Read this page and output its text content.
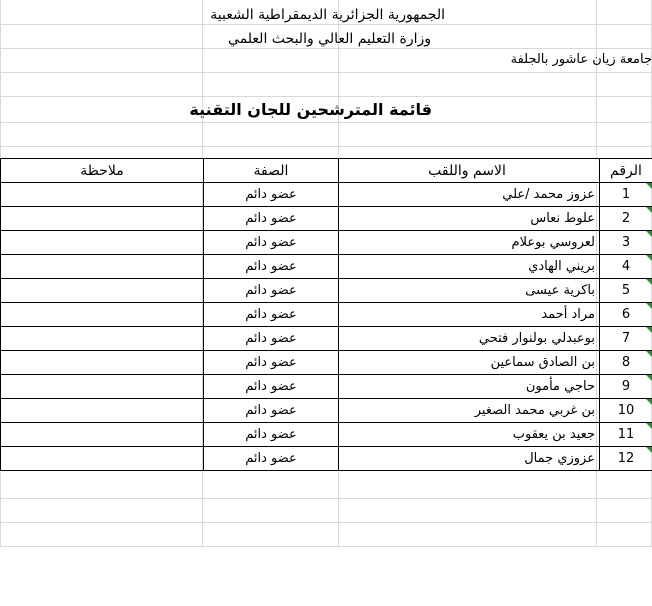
الجمهورية الجزائرية الديمقراطية الشعبية
وزارة التعليم العالي والبحث العلمي
جامعة زيان عاشور بالجلفة
قائمة المترشحين للجان التقنية
الرقم	الاسم واللقب	الصفة	ملاحظة
1	عزوز محمد /علي	عضو دائم	
2	علوط نعاس	عضو دائم	
3	لعروسي بوعلام	عضو دائم	
4	بريني الهادي	عضو دائم	
5	باكرية عيسى	عضو دائم	
6	مراد أحمد	عضو دائم	
7	بوعبدلي بولنوار فتحي	عضو دائم	
8	بن الصادق سماعين	عضو دائم	
9	حاجي مأمون	عضو دائم	
10	بن غربي محمد الصغير	عضو دائم	
11	جعيد بن يعقوب	عضو دائم	
12	عزوزي جمال	عضو دائم	
